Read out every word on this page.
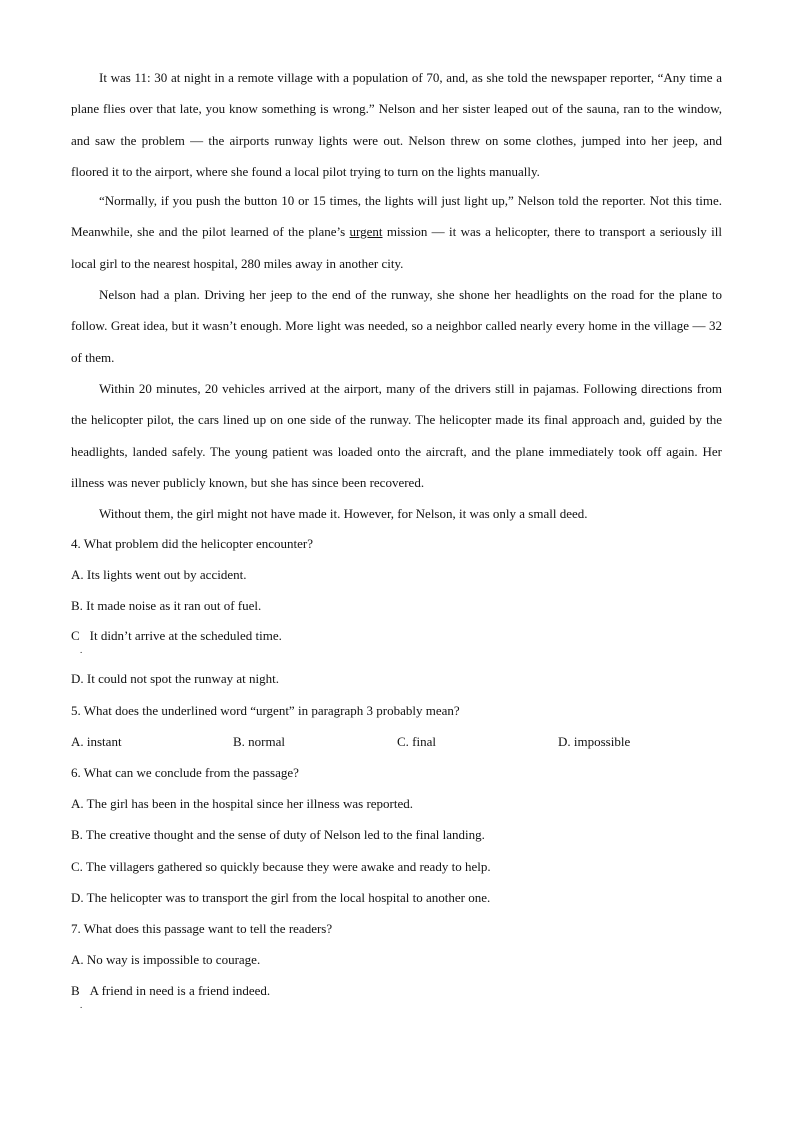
It was 11: 30 at night in a remote village with a population of 70, and, as she told the newspaper reporter, “Any time a plane flies over that late, you know something is wrong.” Nelson and her sister leaped out of the sauna, ran to the window, and saw the problem — the airports runway lights were out. Nelson threw on some clothes, jumped into her jeep, and floored it to the airport, where she found a local pilot trying to turn on the lights manually.
“Normally, if you push the button 10 or 15 times, the lights will just light up,” Nelson told the reporter. Not this time. Meanwhile, she and the pilot learned of the plane’s urgent mission — it was a helicopter, there to transport a seriously ill local girl to the nearest hospital, 280 miles away in another city.
Nelson had a plan. Driving her jeep to the end of the runway, she shone her headlights on the road for the plane to follow. Great idea, but it wasn’t enough. More light was needed, so a neighbor called nearly every home in the village — 32 of them.
Within 20 minutes, 20 vehicles arrived at the airport, many of the drivers still in pajamas. Following directions from the helicopter pilot, the cars lined up on one side of the runway. The helicopter made its final approach and, guided by the headlights, landed safely. The young patient was loaded onto the aircraft, and the plane immediately took off again. Her illness was never publicly known, but she has since been recovered.
Without them, the girl might not have made it. However, for Nelson, it was only a small deed.
4. What problem did the helicopter encounter?
A. Its lights went out by accident.
B. It made noise as it ran out of fuel.
C It didn’t arrive at the scheduled time.
.
D. It could not spot the runway at night.
5. What does the underlined word “urgent” in paragraph 3 probably mean?
A. instant	B. normal	C. final	D. impossible
6. What can we conclude from the passage?
A. The girl has been in the hospital since her illness was reported.
B. The creative thought and the sense of duty of Nelson led to the final landing.
C. The villagers gathered so quickly because they were awake and ready to help.
D. The helicopter was to transport the girl from the local hospital to another one.
7. What does this passage want to tell the readers?
A. No way is impossible to courage.
B A friend in need is a friend indeed.
.
